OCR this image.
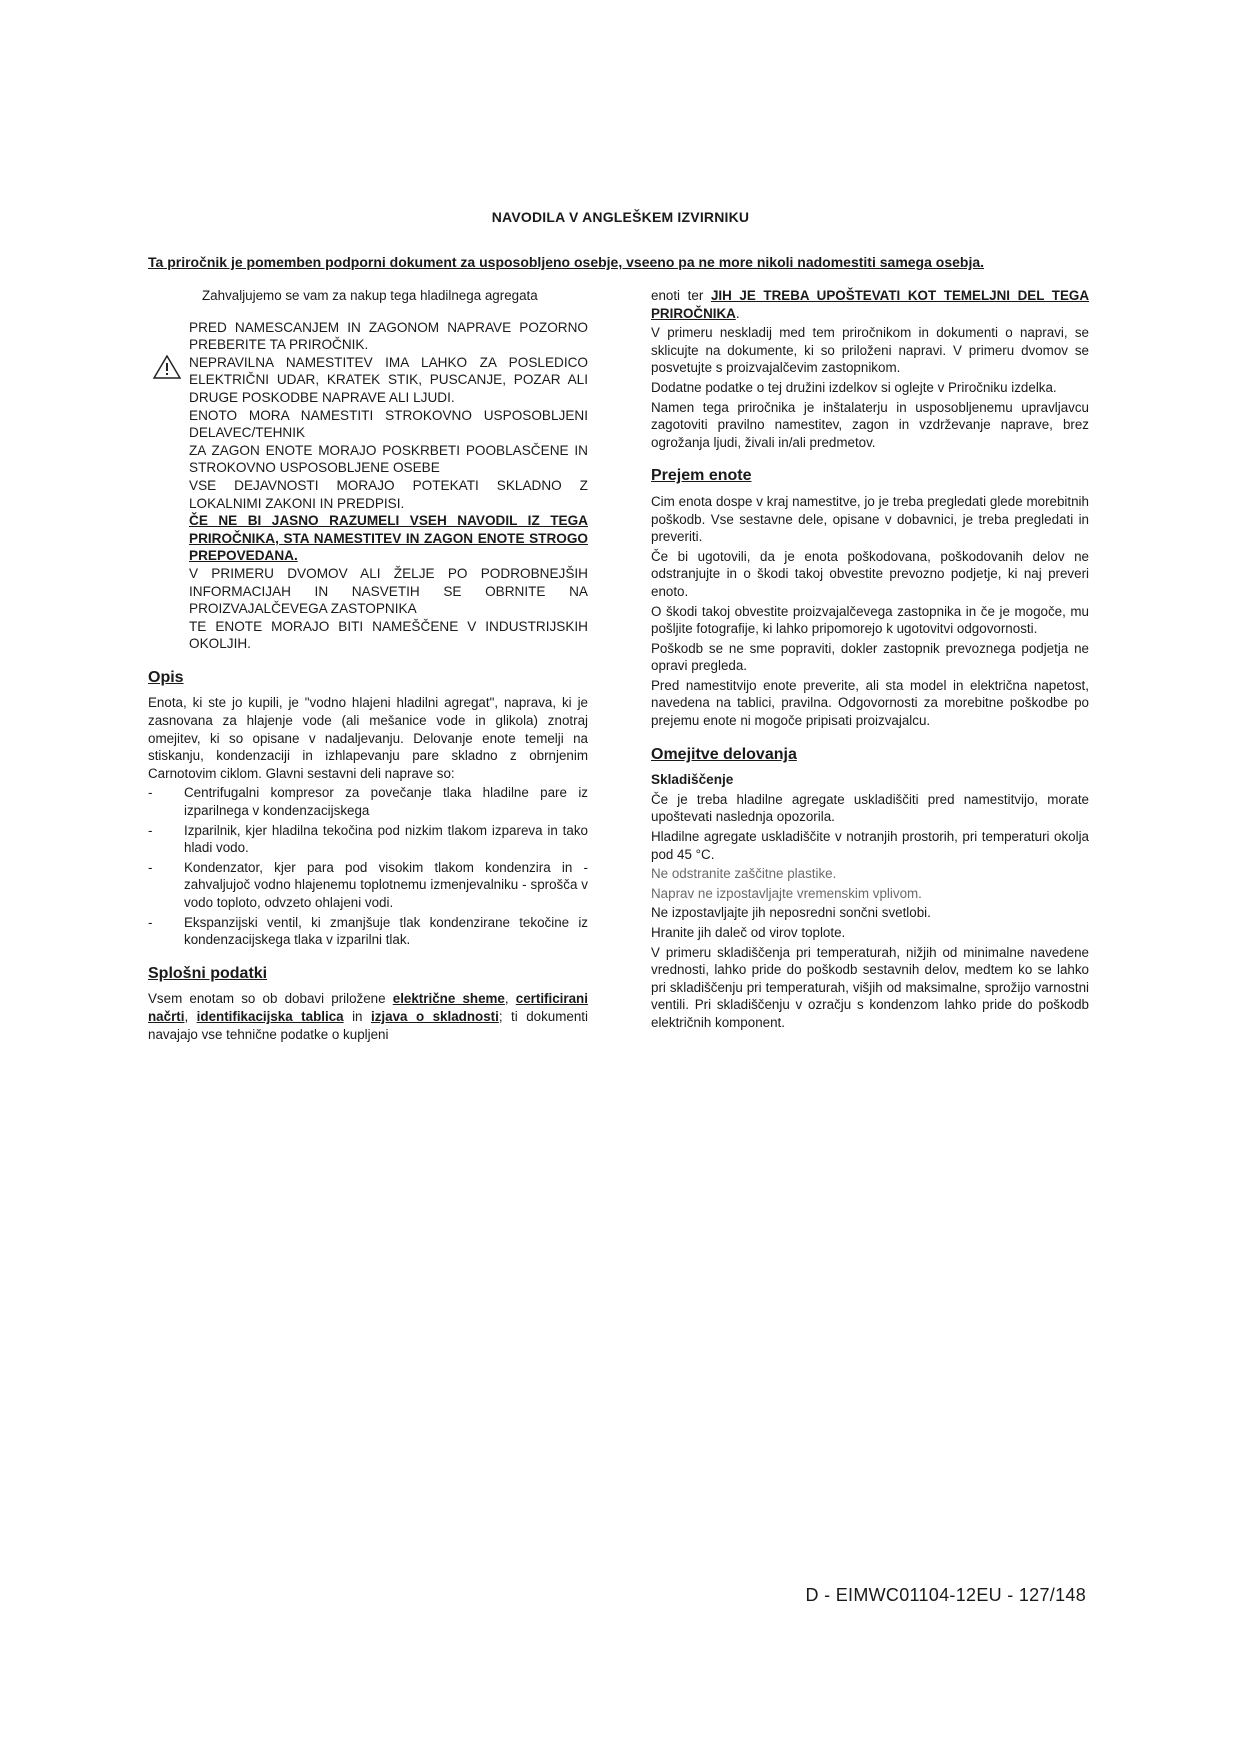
NAVODILA V ANGLEŠKEM IZVIRNIKU
Ta priročnik je pomemben podporni dokument za usposobljeno osebje, vseeno pa ne more nikoli nadomestiti samega osebja.

Zahvaljujemo se vam za nakup tega hladilnega agregata

PRED NAMESCANJEM IN ZAGONOM NAPRAVE POZORNO PREBERITE TA PRIROČNIK.

NEPRAVILNA NAMESTITEV IMA LAHKO ZA POSLEDICO ELEKTRIČNI UDAR, KRATEK STIK, PUSCANJE, POZAR ALI DRUGE POSKODBE NAPRAVE ALI LJUDI.

ENOTO MORA NAMESTITI STROKOVNO USPOSOBLJENI DELAVEC/TEHNIK

ZA ZAGON ENOTE MORAJO POSKRBETI POOBLASČENE IN STROKOVNO USPOSOBLJENE OSEBE

VSE DEJAVNOSTI MORAJO POTEKATI SKLADNO Z LOKALNIMI ZAKONI IN PREDPISI.

ČE NE BI JASNO RAZUMELI VSEH NAVODIL IZ TEGA PRIROČNIKA, STA NAMESTITEV IN ZAGON ENOTE STROGO PREPOVEDANA.

V PRIMERU DVOMOV ALI ŽELJE PO PODROBNEJŠIH INFORMACIJAH IN NASVETIH SE OBRNITE NA PROIZVAJALČEVEGA ZASTOPNIKA

TE ENOTE MORAJO BITI NAMEŠČENE V INDUSTRIJSKIH OKOLJIH.

Opis

Enota, ki ste jo kupili, je "vodno hlajeni hladilni agregat", naprava, ki je zasnovana za hlajenje vode (ali mešanice vode in glikola) znotraj omejitev, ki so opisane v nadaljevanju. Delovanje enote temelji na stiskanju, kondenzaciji in izhlapevanju pare skladno z obrnjenim Carnotovim ciklom. Glavni sestavni deli naprave so:

- Centrifugalni kompresor za povečanje tlaka hladilne pare iz izparilnega v kondenzacijskega
- Izparilnik, kjer hladilna tekočina pod nizkim tlakom izpareva in tako hladi vodo.
- Kondenzator, kjer para pod visokim tlakom kondenzira in - zahvaljujoč vodno hlajenemu toplotnemu izmenjevalniku - sprošča v vodo toploto, odvzeto ohlajeni vodi.
- Ekspanzijski ventil, ki zmanjšuje tlak kondenzirane tekočine iz kondenzacijskega tlaka v izparilni tlak.
Splošni podatki

Vsem enotam so ob dobavi priložene električne sheme, certificirani načrti, identifikacijska tablica in izjava o skladnosti; ti dokumenti navajajo vse tehnične podatke o kupljeni

enoti ter JIH JE TREBA UPOŠTEVATI KOT TEMELJNI DEL TEGA PRIROČNIKA.

V primeru neskladij med tem priročnikom in dokumenti o napravi, se sklicujte na dokumente, ki so priloženi napravi. V primeru dvomov se posvetujte s proizvajalčevim zastopnikom.

Dodatne podatke o tej družini izdelkov si oglejte v Priročniku izdelka.

Namen tega priročnika je inštalaterju in usposobljenemu upravljavcu zagotoviti pravilno namestitev, zagon in vzdrževanje naprave, brez ogrožanja ljudi, živali in/ali predmetov.

Prejem enote

Cim enota dospe v kraj namestitve, jo je treba pregledati glede morebitnih poškodb. Vse sestavne dele, opisane v dobavnici, je treba pregledati in preveriti.

Če bi ugotovili, da je enota poškodovana, poškodovanih delov ne odstranjujte in o škodi takoj obvestite prevozno podjetje, ki naj preveri enoto.

O škodi takoj obvestite proizvajalčevega zastopnika in če je mogoče, mu pošljite fotografije, ki lahko pripomorejo k ugotovitvi odgovornosti.

Poškodb se ne sme popraviti, dokler zastopnik prevoznega podjetja ne opravi pregleda.

Pred namestitvijo enote preverite, ali sta model in električna napetost, navedena na tablici, pravilna. Odgovornosti za morebitne poškodbe po prejemu enote ni mogoče pripisati proizvajalcu.

Omejitve delovanja
Skladiščenje

Če je treba hladilne agregate uskladiščiti pred namestitvijo, morate upoštevati naslednja opozorila.

Hladilne agregate uskladiščite v notranjih prostorih, pri temperaturi okolja pod 45 °C.

Ne odstranite zaščitne plastike.

Naprav ne izpostavljajte vremenskim vplivom.

Ne izpostavljajte jih neposredni sončni svetlobi.

Hranite jih daleč od virov toplote.

V primeru skladiščenja pri temperaturah, nižjih od minimalne navedene vrednosti, lahko pride do poškodb sestavnih delov, medtem ko se lahko pri skladiščenju pri temperaturah, višjih od maksimalne, sprožijo varnostni ventili. Pri skladiščenju v ozračju s kondenzom lahko pride do poškodb električnih komponent.

D - EIMWC01104-12EU - 127/148
